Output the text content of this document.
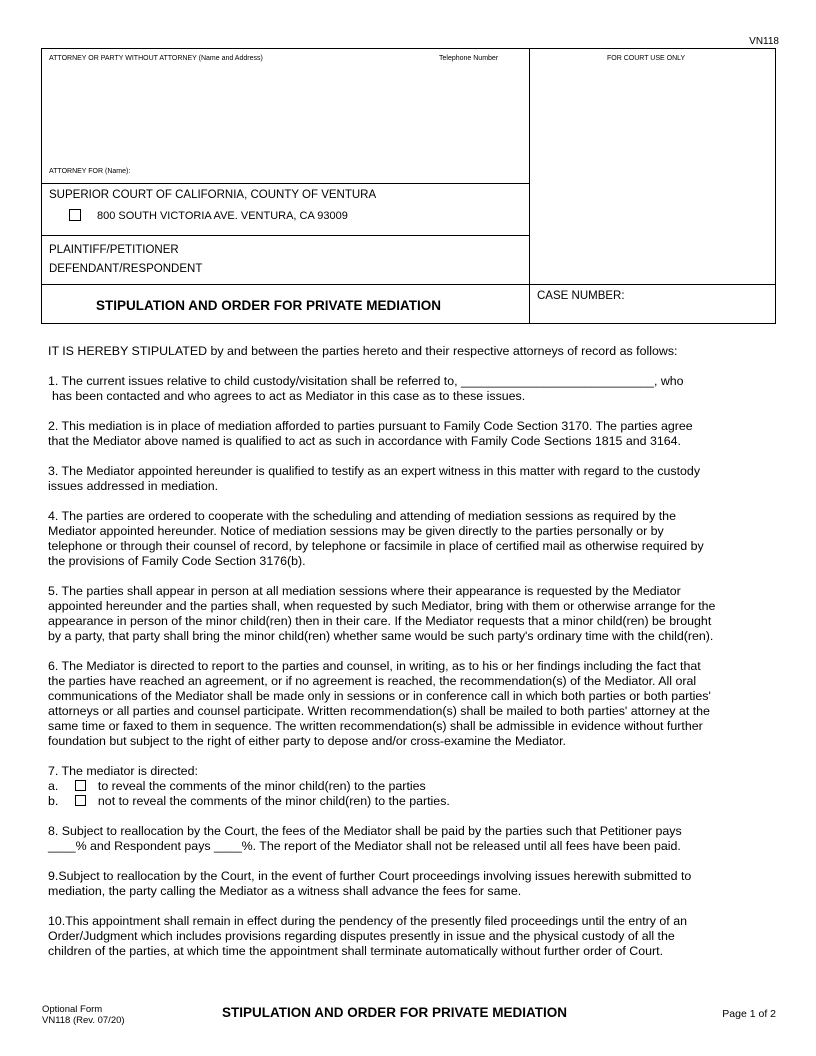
VN118
ATTORNEY OR PARTY WITHOUT ATTORNEY (Name and Address)	Telephone Number	FOR COURT USE ONLY
ATTORNEY FOR (Name):
SUPERIOR COURT OF CALIFORNIA, COUNTY OF VENTURA
800 SOUTH VICTORIA AVE. VENTURA, CA 93009
PLAINTIFF/PETITIONER
DEFENDANT/RESPONDENT
STIPULATION AND ORDER FOR PRIVATE MEDIATION
CASE NUMBER:

IT IS HEREBY STIPULATED by and between the parties hereto and their respective attorneys of record as follows:

1. The current issues relative to child custody/visitation shall be referred to, ____________________________, who
has been contacted and who agrees to act as Mediator in this case as to these issues.

2. This mediation is in place of mediation afforded to parties pursuant to Family Code Section 3170. The parties agree
that the Mediator above named is qualified to act as such in accordance with Family Code Sections 1815 and 3164.

3. The Mediator appointed hereunder is qualified to testify as an expert witness in this matter with regard to the custody
issues addressed in mediation.

4. The parties are ordered to cooperate with the scheduling and attending of mediation sessions as required by the
Mediator appointed hereunder. Notice of mediation sessions may be given directly to the parties personally or by
telephone or through their counsel of record, by telephone or facsimile in place of certified mail as otherwise required by
the provisions of Family Code Section 3176(b).

5. The parties shall appear in person at all mediation sessions where their appearance is requested by the Mediator
appointed hereunder and the parties shall, when requested by such Mediator, bring with them or otherwise arrange for the
appearance in person of the minor child(ren) then in their care. If the Mediator requests that a minor child(ren) be brought
by a party, that party shall bring the minor child(ren) whether same would be such party's ordinary time with the child(ren).

6. The Mediator is directed to report to the parties and counsel, in writing, as to his or her findings including the fact that
the parties have reached an agreement, or if no agreement is reached, the recommendation(s) of the Mediator. All oral
communications of the Mediator shall be made only in sessions or in conference call in which both parties or both parties'
attorneys or all parties and counsel participate. Written recommendation(s) shall be mailed to both parties' attorney at the
same time or faxed to them in sequence. The written recommendation(s) shall be admissible in evidence without further
foundation but subject to the right of either party to depose and/or cross-examine the Mediator.

7. The mediator is directed:
a.	to reveal the comments of the minor child(ren) to the parties
b.	not to reveal the comments of the minor child(ren) to the parties.

8. Subject to reallocation by the Court, the fees of the Mediator shall be paid by the parties such that Petitioner pays
____% and Respondent pays ____%. The report of the Mediator shall not be released until all fees have been paid.

9.Subject to reallocation by the Court, in the event of further Court proceedings involving issues herewith submitted to
mediation, the party calling the Mediator as a witness shall advance the fees for same.

10.This appointment shall remain in effect during the pendency of the presently filed proceedings until the entry of an
Order/Judgment which includes provisions regarding disputes presently in issue and the physical custody of all the
children of the parties, at which time the appointment shall terminate automatically without further order of Court.

Optional Form
VN118 (Rev. 07/20)
STIPULATION AND ORDER FOR PRIVATE MEDIATION	Page 1 of 2
